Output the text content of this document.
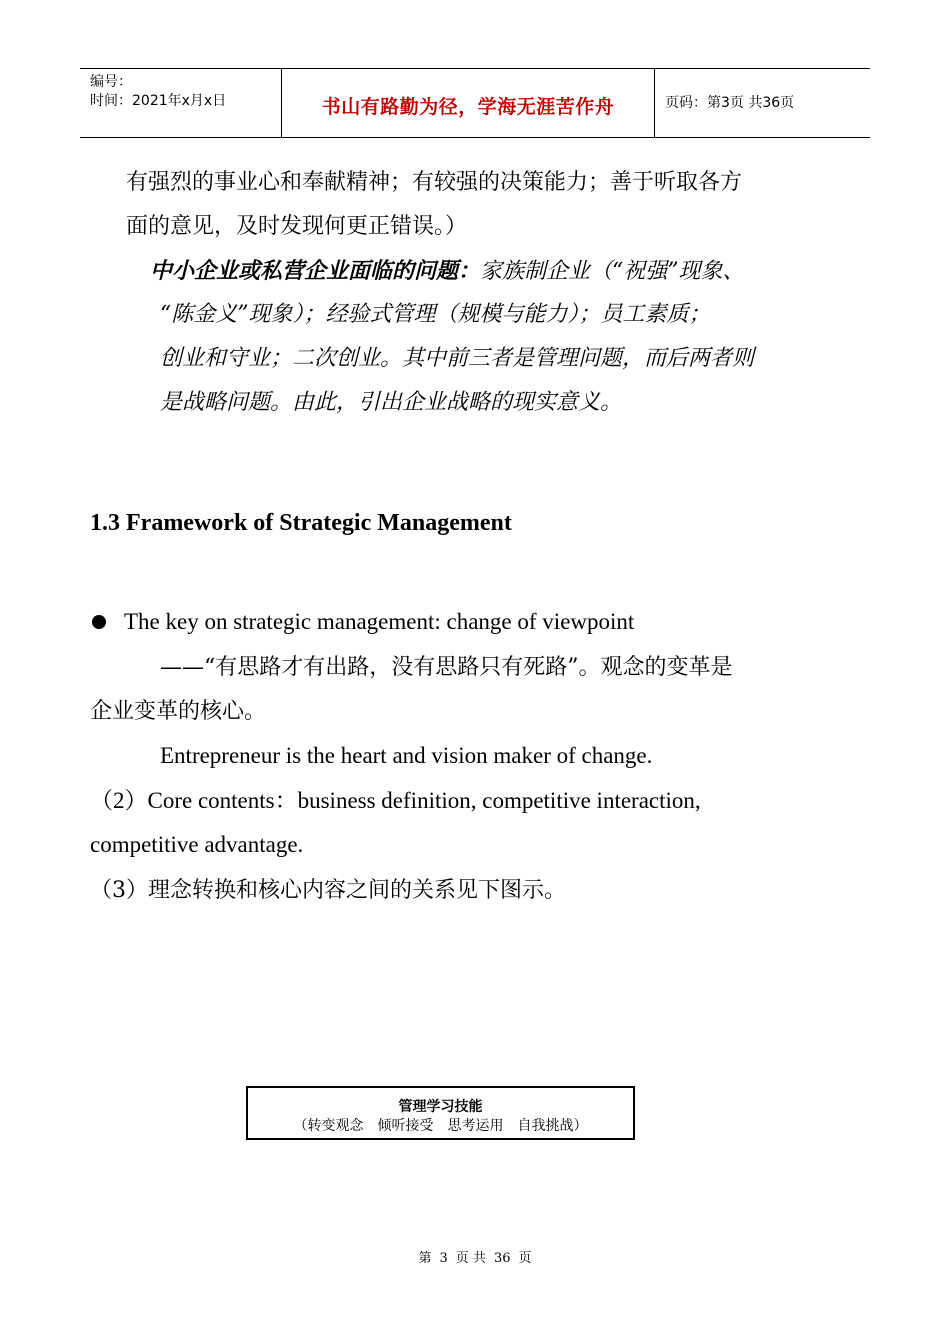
编号：
时间：2021年x月x日	书山有路勤为径，学海无涯苦作舟	页码：第3页 共36页
有强烈的事业心和奉献精神；有较强的决策能力；善于听取各方
面的意见，及时发现何更正错误。）
中小企业或私营企业面临的问题：家族制企业（“祝强”现象、
“陈金义”现象）；经验式管理（规模与能力）；员工素质；
创业和守业；二次创业。其中前三者是管理问题，而后两者则
是战略问题。由此，引出企业战略的现实意义。
1.3 Framework of Strategic Management
The key on strategic management: change of viewpoint
——“有思路才有出路，没有思路只有死路”。观念的变革是
企业变革的核心。
Entrepreneur is the heart and vision maker of change.
（2）Core contents：business definition, competitive interaction,
competitive advantage.
（3）理念转换和核心内容之间的关系见下图示。
管理学习技能
（转变观念　倾听接受　思考运用　自我挑战）
第 3 页 共 36 页
